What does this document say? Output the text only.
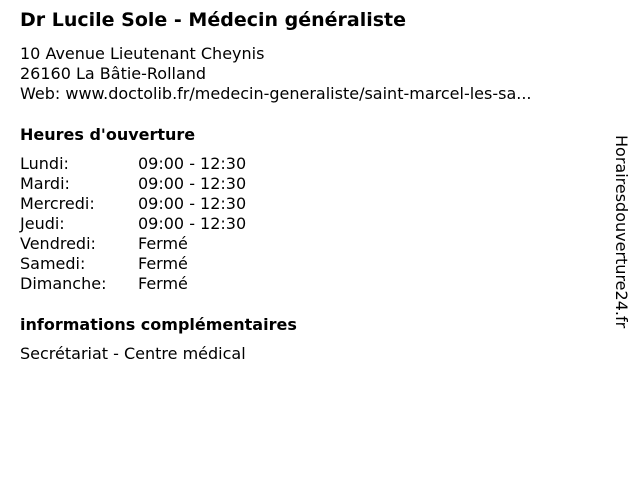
Dr Lucile Sole - Médecin généraliste
10 Avenue Lieutenant Cheynis
26160 La Bâtie-Rolland
Web: www.doctolib.fr/medecin-generaliste/saint-marcel-les-sa...
Heures d'ouverture
Lundi:	09:00 - 12:30
Mardi:	09:00 - 12:30
Mercredi:	09:00 - 12:30
Jeudi:	09:00 - 12:30
Vendredi:	Fermé
Samedi:	Fermé
Dimanche:	Fermé
informations complémentaires
Secrétariat - Centre médical
Horairesdouverture24.fr
